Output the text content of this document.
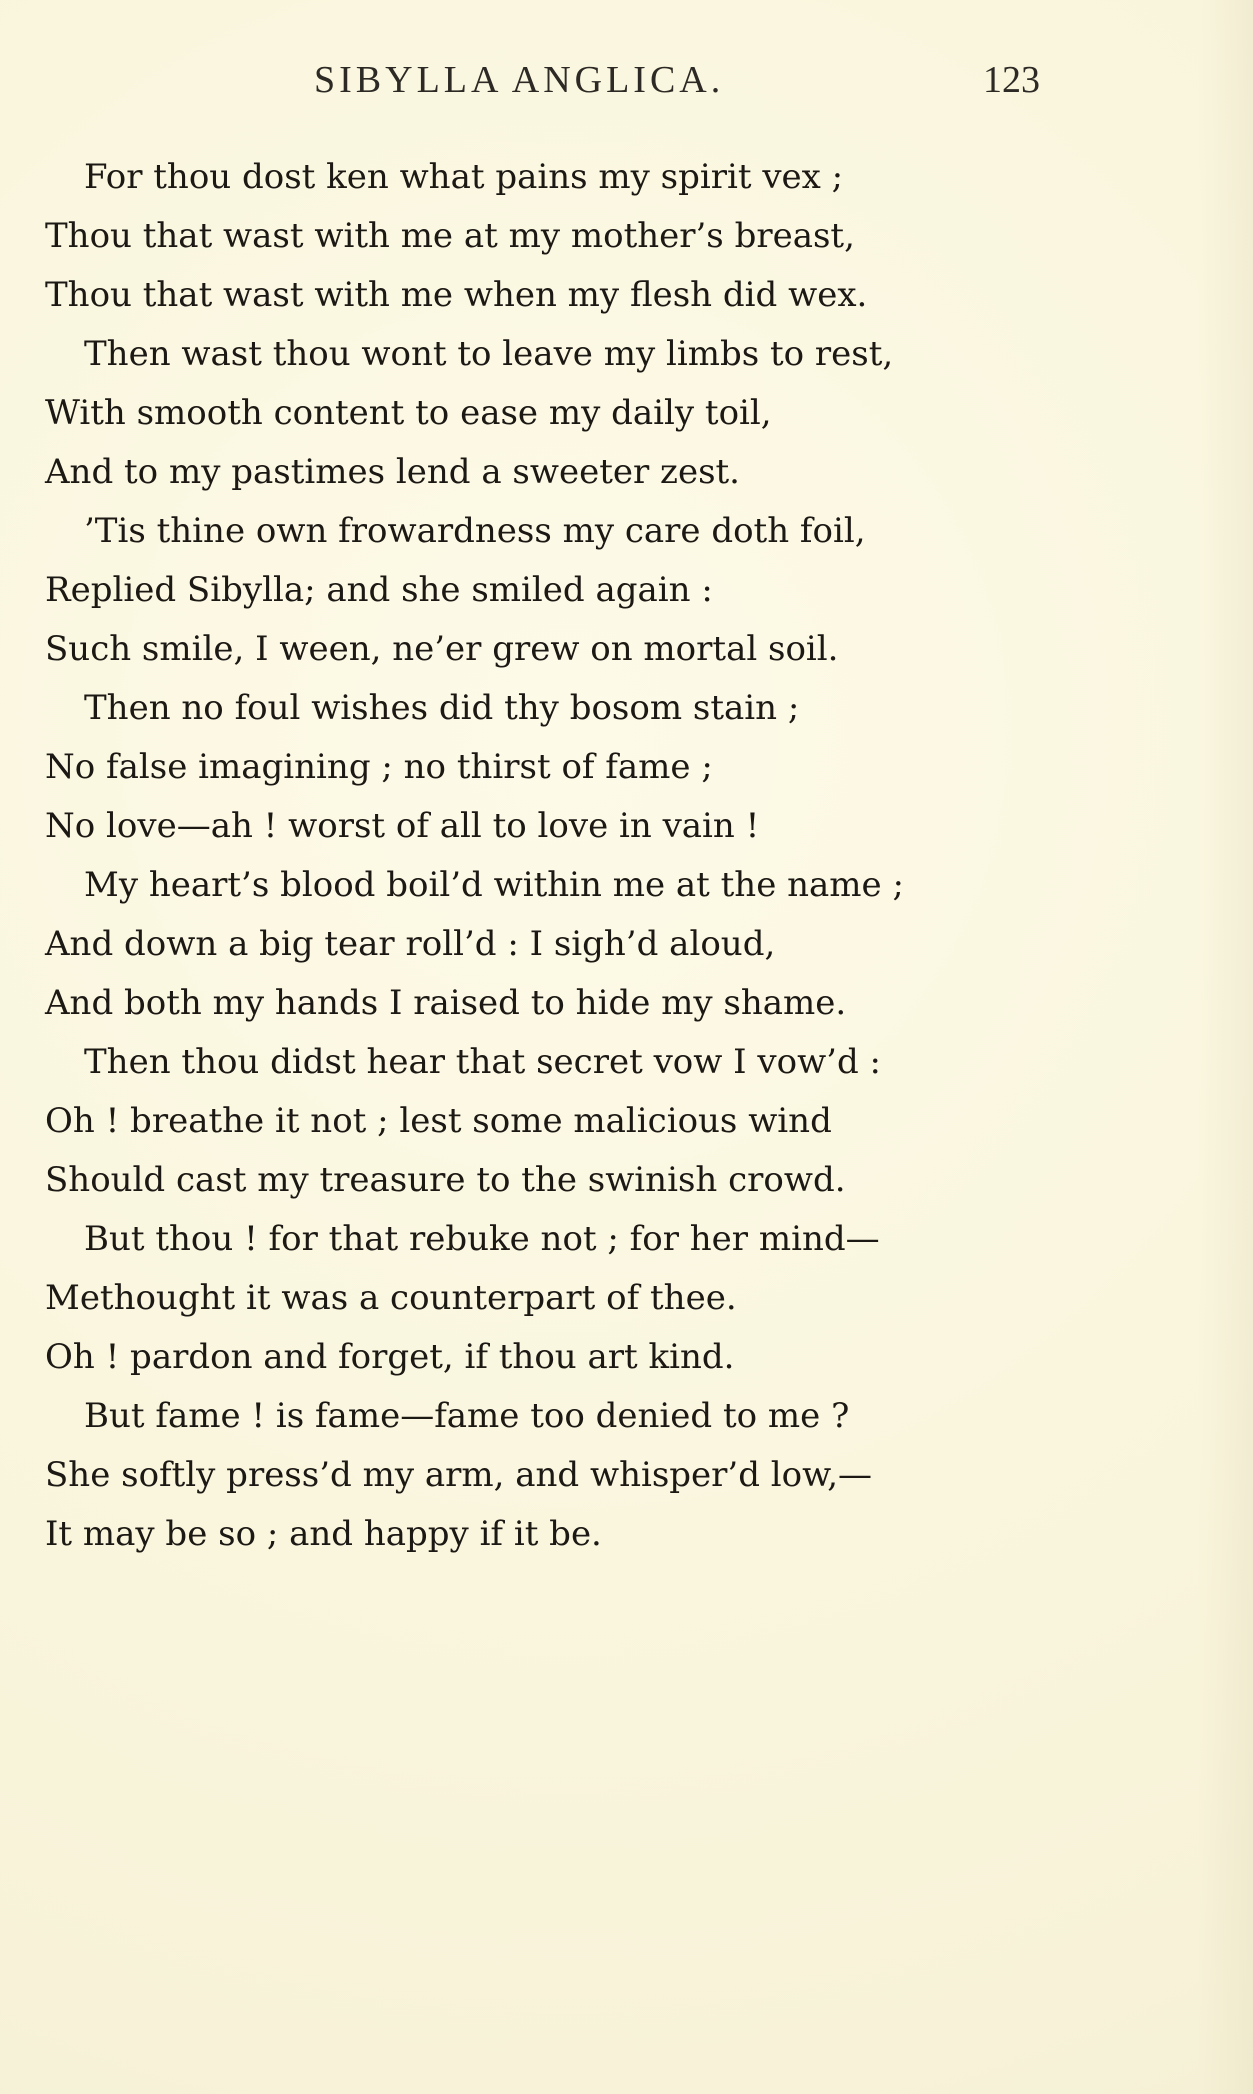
SIBYLLA ANGLICA.	123
For thou dost ken what pains my spirit vex ;
Thou that wast with me at my mother’s breast,
Thou that wast with me when my flesh did wex.
Then wast thou wont to leave my limbs to rest,
With smooth content to ease my daily toil,
And to my pastimes lend a sweeter zest.
’Tis thine own frowardness my care doth foil,
Replied Sibylla; and she smiled again :
Such smile, I ween, ne’er grew on mortal soil.
Then no foul wishes did thy bosom stain ;
No false imagining ; no thirst of fame ;
No love—ah ! worst of all to love in vain !
My heart’s blood boil’d within me at the name ;
And down a big tear roll’d : I sigh’d aloud,
And both my hands I raised to hide my shame.
Then thou didst hear that secret vow I vow’d :
Oh ! breathe it not ; lest some malicious wind
Should cast my treasure to the swinish crowd.
But thou ! for that rebuke not ; for her mind—
Methought it was a counterpart of thee.
Oh ! pardon and forget, if thou art kind.
But fame ! is fame—fame too denied to me ?
She softly press’d my arm, and whisper’d low,—
It may be so ; and happy if it be.
